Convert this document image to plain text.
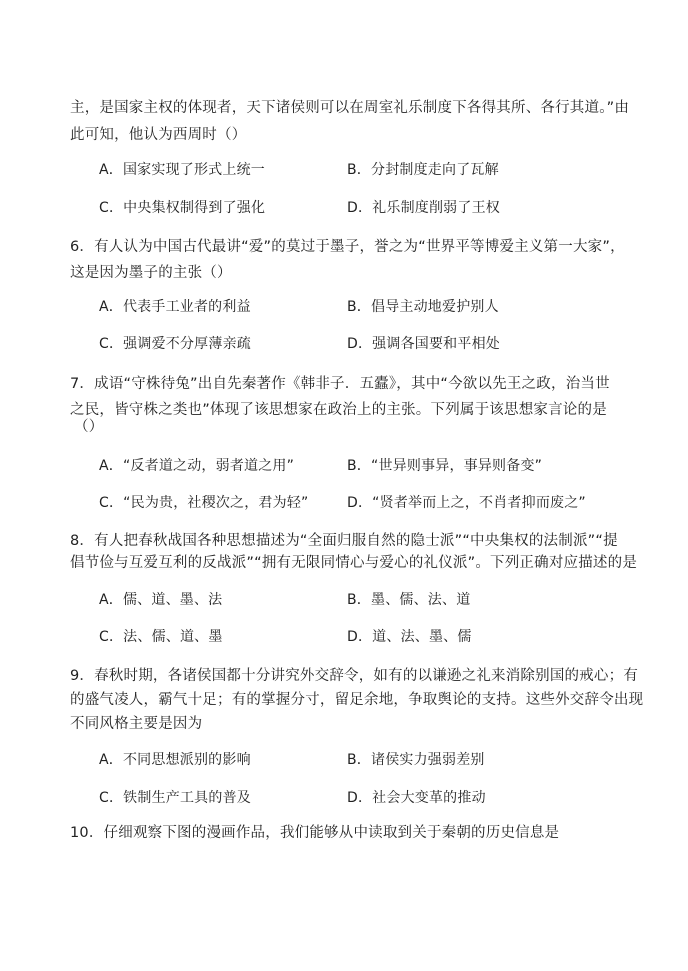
主，是国家主权的体现者，天下诸侯则可以在周室礼乐制度下各得其所、各行其道。”由
此可知，他认为西周时（）
A．国家实现了形式上统一	B．分封制度走向了瓦解
C．中央集权制得到了强化	D．礼乐制度削弱了王权
6．有人认为中国古代最讲“爱”的莫过于墨子，誉之为“世界平等博爱主义第一大家”，
这是因为墨子的主张（）
A．代表手工业者的利益	B．倡导主动地爱护别人
C．强调爱不分厚薄亲疏	D．强调各国要和平相处
7．成语“守株待兔”出自先秦著作《韩非子．五蠹》，其中“今欲以先王之政，治当世
之民，皆守株之类也”体现了该思想家在政治上的主张。下列属于该思想家言论的是
（）
A．“反者道之动，弱者道之用”	B．“世异则事异，事异则备变”
C．“民为贵，社稷次之，君为轻”	D．“贤者举而上之，不肖者抑而废之”
8．有人把春秋战国各种思想描述为“全面归服自然的隐士派”“中央集权的法制派”“提
倡节俭与互爱互利的反战派”“拥有无限同情心与爱心的礼仪派”。下列正确对应描述的是
A．儒、道、墨、法	B．墨、儒、法、道
C．法、儒、道、墨	D．道、法、墨、儒
9．春秋时期，各诸侯国都十分讲究外交辞令，如有的以谦逊之礼来消除别国的戒心；有
的盛气凌人，霸气十足；有的掌握分寸，留足余地，争取舆论的支持。这些外交辞令出现
不同风格主要是因为
A．不同思想派别的影响	B．诸侯实力强弱差别
C．铁制生产工具的普及	D．社会大变革的推动
10．仔细观察下图的漫画作品，我们能够从中读取到关于秦朝的历史信息是
